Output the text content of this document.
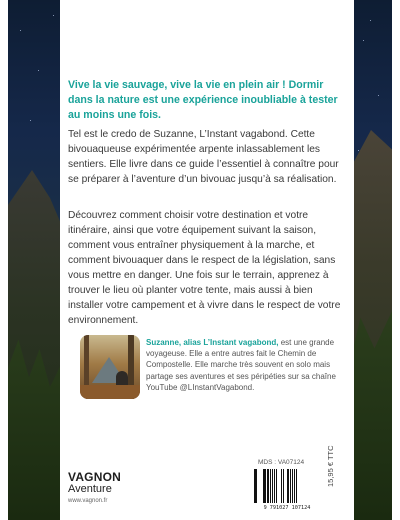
Vive la vie sauvage, vive la vie en plein air ! Dormir dans la nature est une expérience inoubliable à tester au moins une fois.

Tel est le credo de Suzanne, L’Instant vagabond. Cette bivouaqueuse expérimentée arpente inlassablement les sentiers. Elle livre dans ce guide l’essentiel à connaître pour se préparer à l’aventure d’un bivouac jusqu’à sa réalisation.

Découvrez comment choisir votre destination et votre itinéraire, ainsi que votre équipement suivant la saison, comment vous entraîner physiquement à la marche, et comment bivouaquer dans le respect de la législation, sans vous mettre en danger. Une fois sur le terrain, apprenez à trouver le lieu où planter votre tente, mais aussi à bien installer votre campement et à vivre dans le respect de votre environnement.

Suzanne, alias L’Instant vagabond, est une grande voyageuse. Elle a entre autres fait le Chemin de Compostelle. Elle marche très souvent en solo mais partage ses aventures et ses péripéties sur sa chaîne YouTube @LInstantVagabond.

VAGNON
Aventure
www.vagnon.fr
MDS : VA07124
9 791027 107124
15,95 € TTC
